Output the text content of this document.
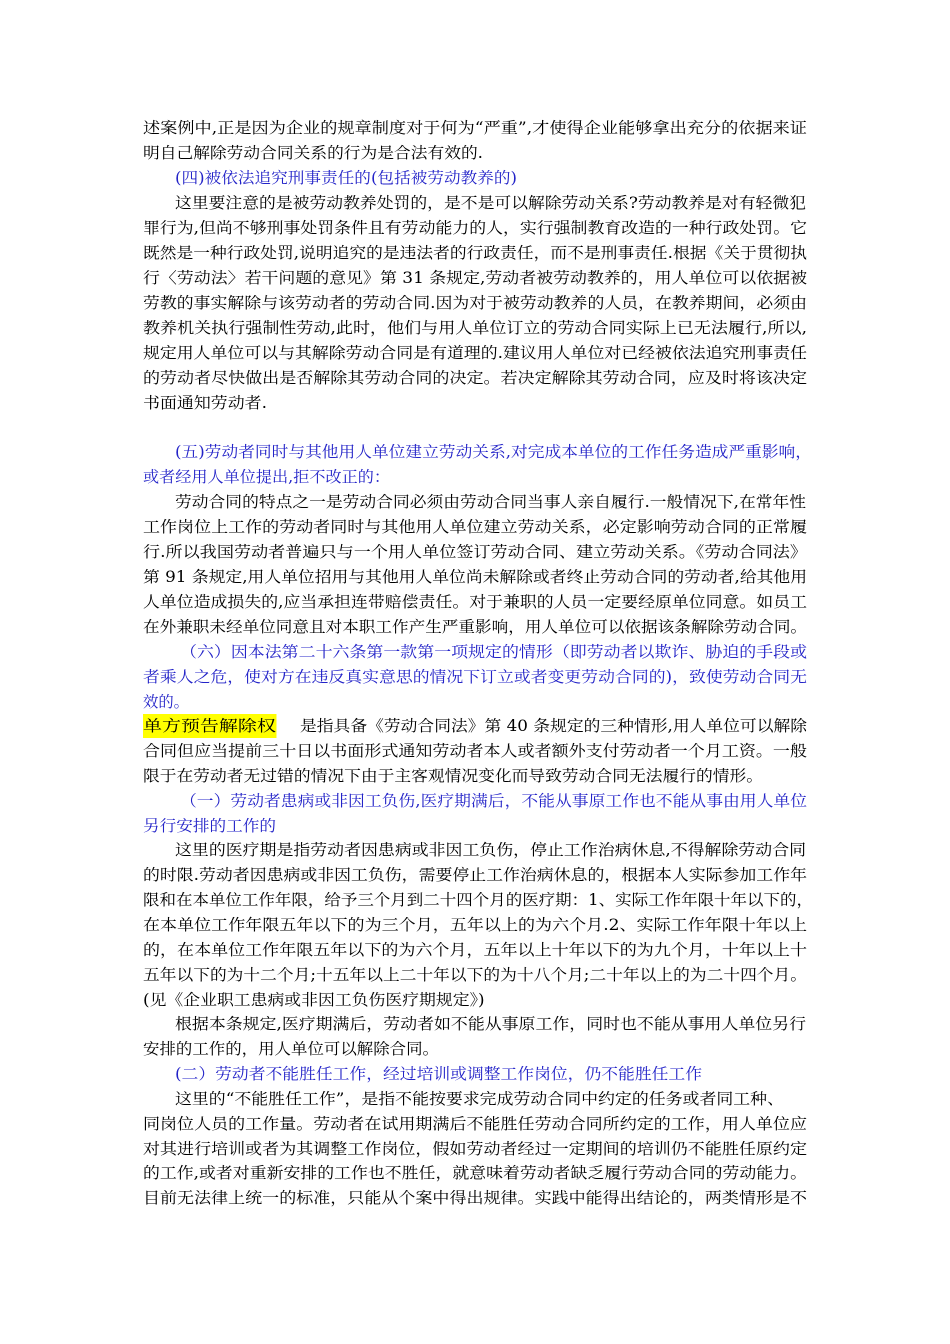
述案例中,正是因为企业的规章制度对于何为“严重”,才使得企业能够拿出充分的依据来证
明自己解除劳动合同关系的行为是合法有效的.
(四)被依法追究刑事责任的(包括被劳动教养的)
这里要注意的是被劳动教养处罚的，是不是可以解除劳动关系?劳动教养是对有轻微犯
罪行为,但尚不够刑事处罚条件且有劳动能力的人，实行强制教育改造的一种行政处罚。它
既然是一种行政处罚,说明追究的是违法者的行政责任，而不是刑事责任.根据《关于贯彻执
行〈劳动法〉若干问题的意见》第 31 条规定,劳动者被劳动教养的，用人单位可以依据被
劳教的事实解除与该劳动者的劳动合同.因为对于被劳动教养的人员，在教养期间，必须由
教养机关执行强制性劳动,此时，他们与用人单位订立的劳动合同实际上已无法履行,所以,
规定用人单位可以与其解除劳动合同是有道理的.建议用人单位对已经被依法追究刑事责任
的劳动者尽快做出是否解除其劳动合同的决定。若决定解除其劳动合同，应及时将该决定
书面通知劳动者.
(五)劳动者同时与其他用人单位建立劳动关系,对完成本单位的工作任务造成严重影响，
或者经用人单位提出,拒不改正的：
劳动合同的特点之一是劳动合同必须由劳动合同当事人亲自履行.一般情况下,在常年性
工作岗位上工作的劳动者同时与其他用人单位建立劳动关系，必定影响劳动合同的正常履
行.所以我国劳动者普遍只与一个用人单位签订劳动合同、建立劳动关系。《劳动合同法》
第 91 条规定,用人单位招用与其他用人单位尚未解除或者终止劳动合同的劳动者,给其他用
人单位造成损失的,应当承担连带赔偿责任。对于兼职的人员一定要经原单位同意。如员工
在外兼职未经单位同意且对本职工作产生严重影响，用人单位可以依据该条解除劳动合同。
（六）因本法第二十六条第一款第一项规定的情形（即劳动者以欺诈、胁迫的手段或
者乘人之危，使对方在违反真实意思的情况下订立或者变更劳动合同的)，致使劳动合同无
效的。
单方预告解除权 是指具备《劳动合同法》第 40 条规定的三种情形,用人单位可以解除
合同但应当提前三十日以书面形式通知劳动者本人或者额外支付劳动者一个月工资。一般
限于在劳动者无过错的情况下由于主客观情况变化而导致劳动合同无法履行的情形。
（一）劳动者患病或非因工负伤,医疗期满后，不能从事原工作也不能从事由用人单位
另行安排的工作的
这里的医疗期是指劳动者因患病或非因工负伤，停止工作治病休息,不得解除劳动合同
的时限.劳动者因患病或非因工负伤，需要停止工作治病休息的，根据本人实际参加工作年
限和在本单位工作年限，给予三个月到二十四个月的医疗期：1、实际工作年限十年以下的，
在本单位工作年限五年以下的为三个月，五年以上的为六个月.2、实际工作年限十年以上
的，在本单位工作年限五年以下的为六个月，五年以上十年以下的为九个月，十年以上十
五年以下的为十二个月;十五年以上二十年以下的为十八个月;二十年以上的为二十四个月。
(见《企业职工患病或非因工负伤医疗期规定》)
根据本条规定,医疗期满后，劳动者如不能从事原工作，同时也不能从事用人单位另行
安排的工作的，用人单位可以解除合同。
(二）劳动者不能胜任工作，经过培训或调整工作岗位，仍不能胜任工作
这里的“不能胜任工作”，是指不能按要求完成劳动合同中约定的任务或者同工种、
同岗位人员的工作量。劳动者在试用期满后不能胜任劳动合同所约定的工作，用人单位应
对其进行培训或者为其调整工作岗位，假如劳动者经过一定期间的培训仍不能胜任原约定
的工作,或者对重新安排的工作也不胜任，就意味着劳动者缺乏履行劳动合同的劳动能力。
目前无法律上统一的标准，只能从个案中得出规律。实践中能得出结论的，两类情形是不
